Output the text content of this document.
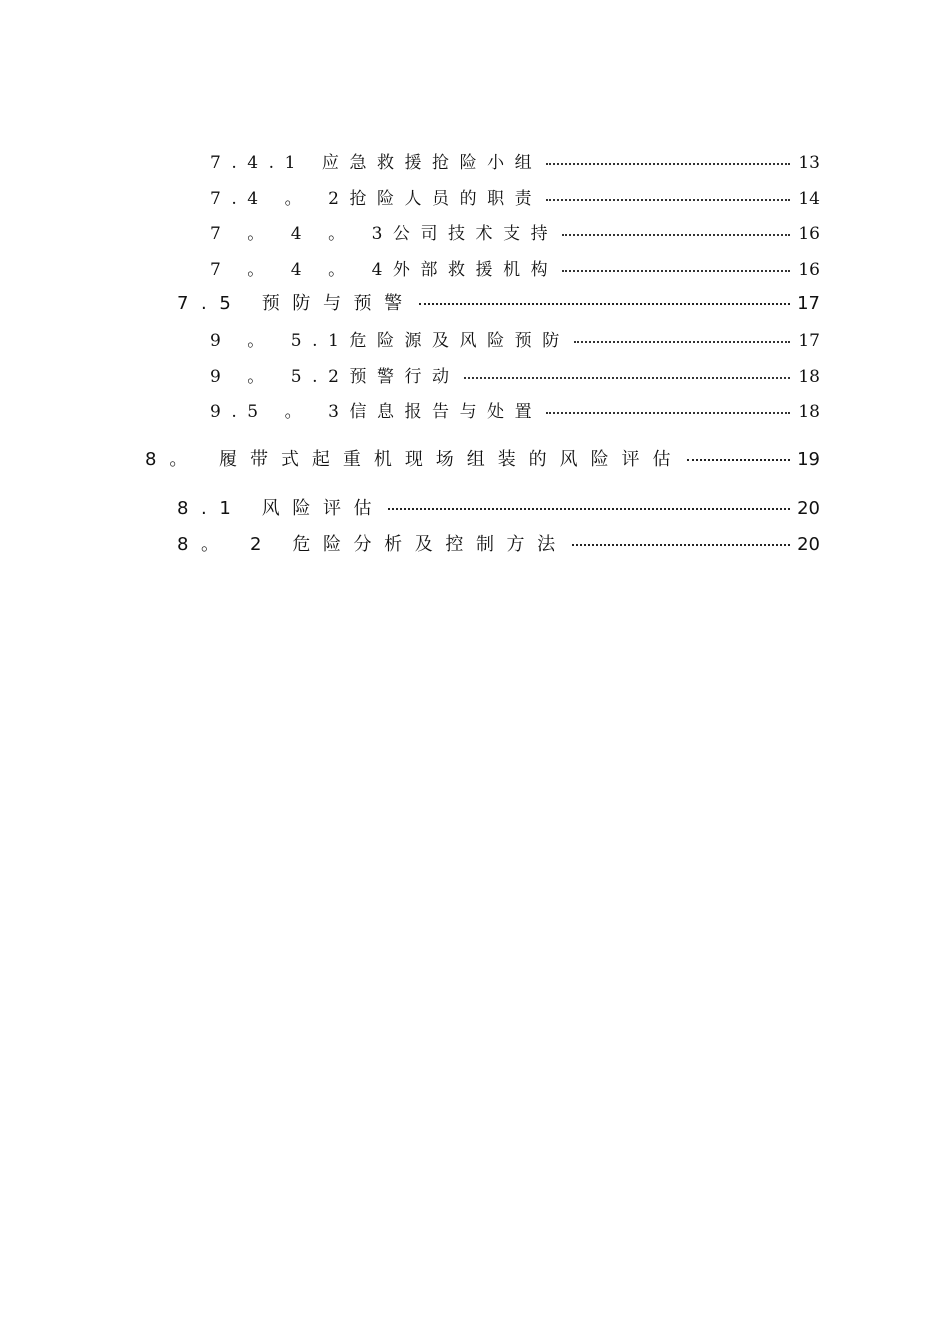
7.4.1 应急救援抢险小组	13
7.4 。 2抢险人员的职责	14
7 。 4 。 3公司技术支持	16
7 。 4 。 4外部救援机构	16
7.5 预防与预警	17
9 。 5.1危险源及风险预防	17
9 。 5.2预警行动	18
9.5 。 3信息报告与处置	18
8。 履带式起重机现场组装的风险评估	19
8.1 风险评估	20
8。 2 危险分析及控制方法	20
